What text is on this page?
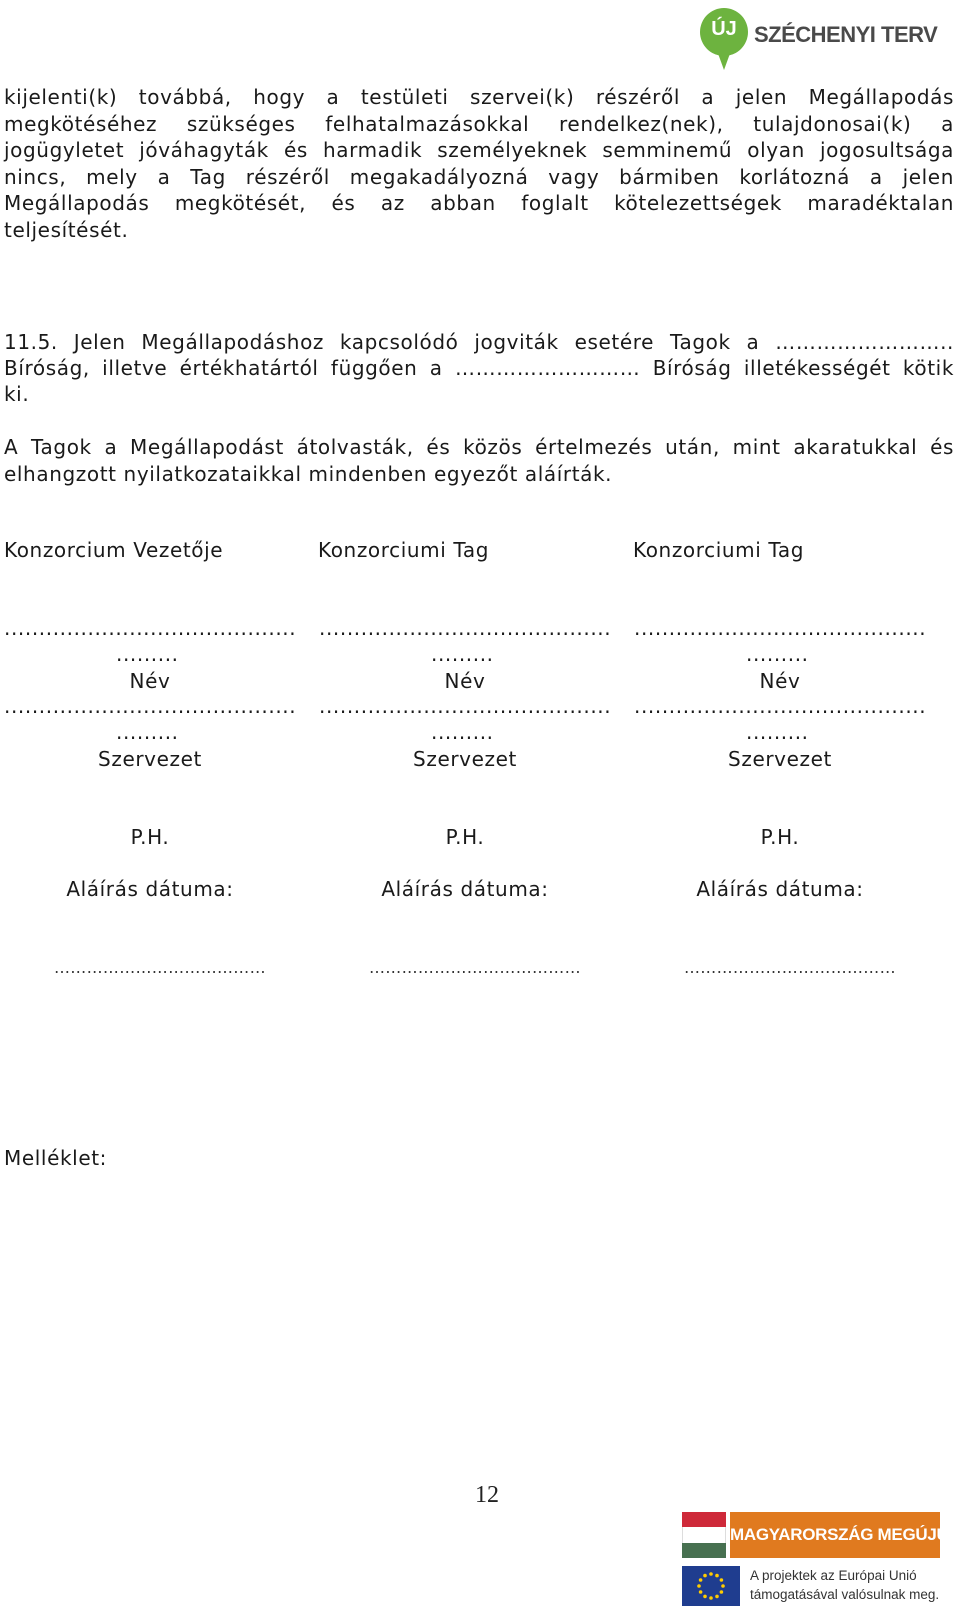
ÚJ SZÉCHENYI TERV
kijelenti(k) továbbá, hogy a testületi szervei(k) részéről a jelen Megállapodás megkötéséhez szükséges felhatalmazásokkal rendelkez(nek), tulajdonosai(k) a jogügyletet jóváhagyták és harmadik személyeknek semminemű olyan jogosultsága nincs, mely a Tag részéről megakadályozná vagy bármiben korlátozná a jelen Megállapodás megkötését, és az abban foglalt kötelezettségek maradéktalan teljesítését.
11.5. Jelen Megállapodáshoz kapcsolódó jogviták esetére Tagok a ……………………..
Bíróság, illetve értékhatártól függően a ……………………… Bíróság illetékességét kötik
ki.
A Tagok a Megállapodást átolvasták, és közös értelmezés után, mint akaratukkal és elhangzott nyilatkozataikkal mindenben egyezőt aláírták.
Konzorcium Vezetője	Konzorciumi Tag	Konzorciumi Tag
..........................................
.........
Név
..........................................
.........
Szervezet
P.H.
Aláírás dátuma:
…………………………………
..........................................
.........
Név
..........................................
.........
Szervezet
P.H.
Aláírás dátuma:
…………………………………
..........................................
.........
Név
..........................................
.........
Szervezet
P.H.
Aláírás dátuma:
…………………………………
Melléklet:
12
MAGYARORSZÁG MEGÚJUL
A projektek az Európai Unió
támogatásával valósulnak meg.
